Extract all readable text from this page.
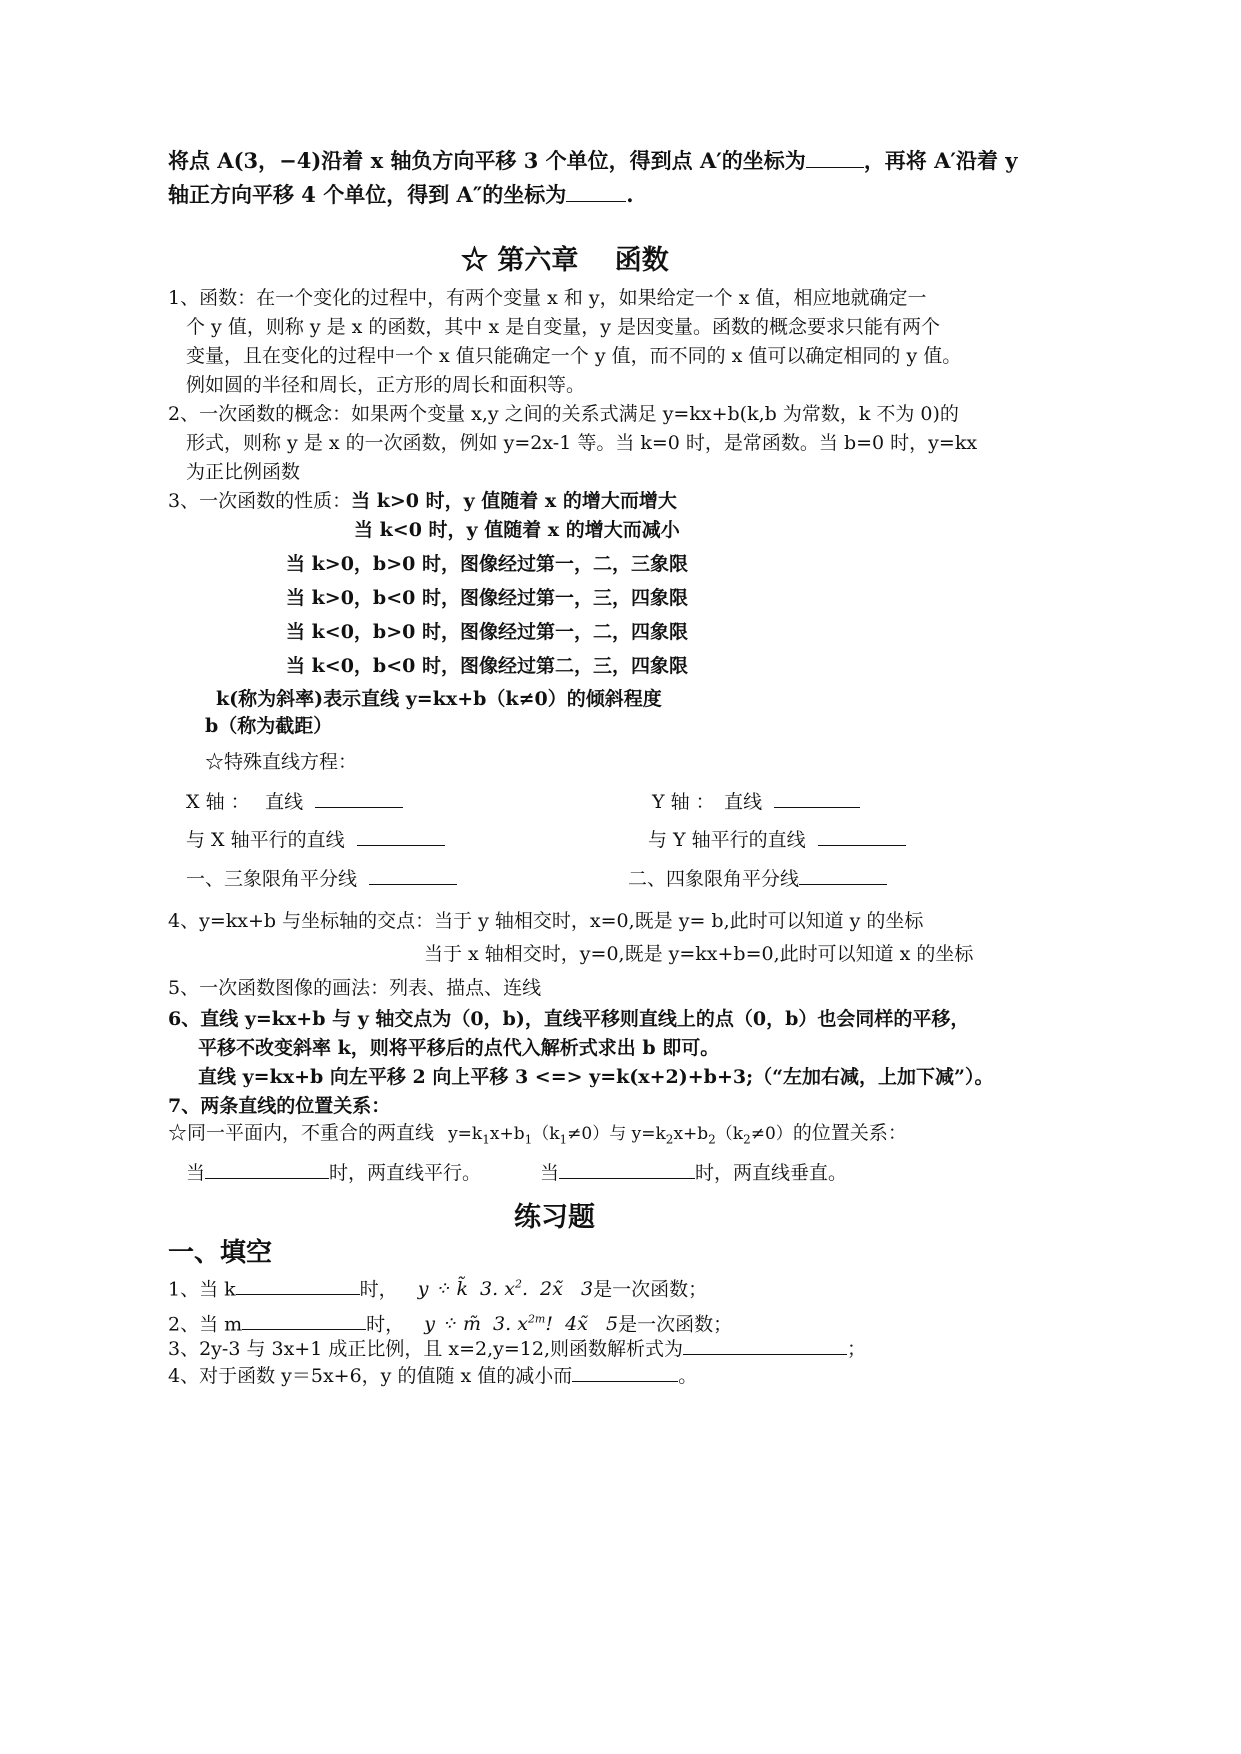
将点 A(3，−4)沿着 x 轴负方向平移 3 个单位，得到点 A′的坐标为	，再将 A′沿着 y
轴正方向平移 4 个单位，得到 A″的坐标为	.
☆ 第六章　 函数
1、函数：在一个变化的过程中，有两个变量 x 和 y，如果给定一个 x 值，相应地就确定一
个 y 值，则称 y 是 x 的函数，其中 x 是自变量，y 是因变量。函数的概念要求只能有两个
变量，且在变化的过程中一个 x 值只能确定一个 y 值，而不同的 x 值可以确定相同的 y 值。
例如圆的半径和周长，正方形的周长和面积等。
2、一次函数的概念：如果两个变量 x,y 之间的关系式满足 y=kx+b(k,b 为常数，k 不为 0)的
形式，则称 y 是 x 的一次函数，例如 y=2x-1 等。当 k=0 时，是常函数。当 b=0 时，y=kx
为正比例函数
3、一次函数的性质：当 k>0 时，y 值随着 x 的增大而增大
当 k<0 时，y 值随着 x 的增大而减小
当 k>0，b>0 时，图像经过第一，二，三象限
当 k>0，b<0 时，图像经过第一，三，四象限
当 k<0，b>0 时，图像经过第一，二，四象限
当 k<0，b<0 时，图像经过第二，三，四象限
k(称为斜率)表示直线 y=kx+b（k≠0）的倾斜程度
b（称为截距）
☆特殊直线方程：
X 轴 ：　 直线	Y 轴 ：　直线
与 X 轴平行的直线	与 Y 轴平行的直线
一、三象限角平分线	二、四象限角平分线
4、y=kx+b 与坐标轴的交点：当于 y 轴相交时，x=0,既是 y= b,此时可以知道 y 的坐标
当于 x 轴相交时，y=0,既是 y=kx+b=0,此时可以知道 x 的坐标
5、一次函数图像的画法：列表、描点、连线
6、直线 y=kx+b 与 y 轴交点为（0，b)，直线平移则直线上的点（0，b）也会同样的平移，
平移不改变斜率 k，则将平移后的点代入解析式求出 b 即可。
直线 y=kx+b 向左平移 2 向上平移 3 <=> y=k(x+2)+b+3;（“左加右减，上加下减”）。
7、两条直线的位置关系：
☆同一平面内，不重合的两直线 $y=k_1x+b_1(k_1\ne 0)$与 $y=k_2x+b_2(k_2\ne 0)$的位置关系：
当	时，两直线平行。	当	时，两直线垂直。
练习题
一、填空
1、当 k	时， y ⁘ k̃  3. $x^2$.  2x̃   3是一次函数；
2、当 m	时， y ⁘ m̃  3. $x^{2m}$!  4x̃   5是一次函数；
3、2y-3 与 3x+1 成正比例，且 x=2,y=12,则函数解析式为	；
4、对于函数 y＝5x+6，y 的值随 x 值的减小而	。
